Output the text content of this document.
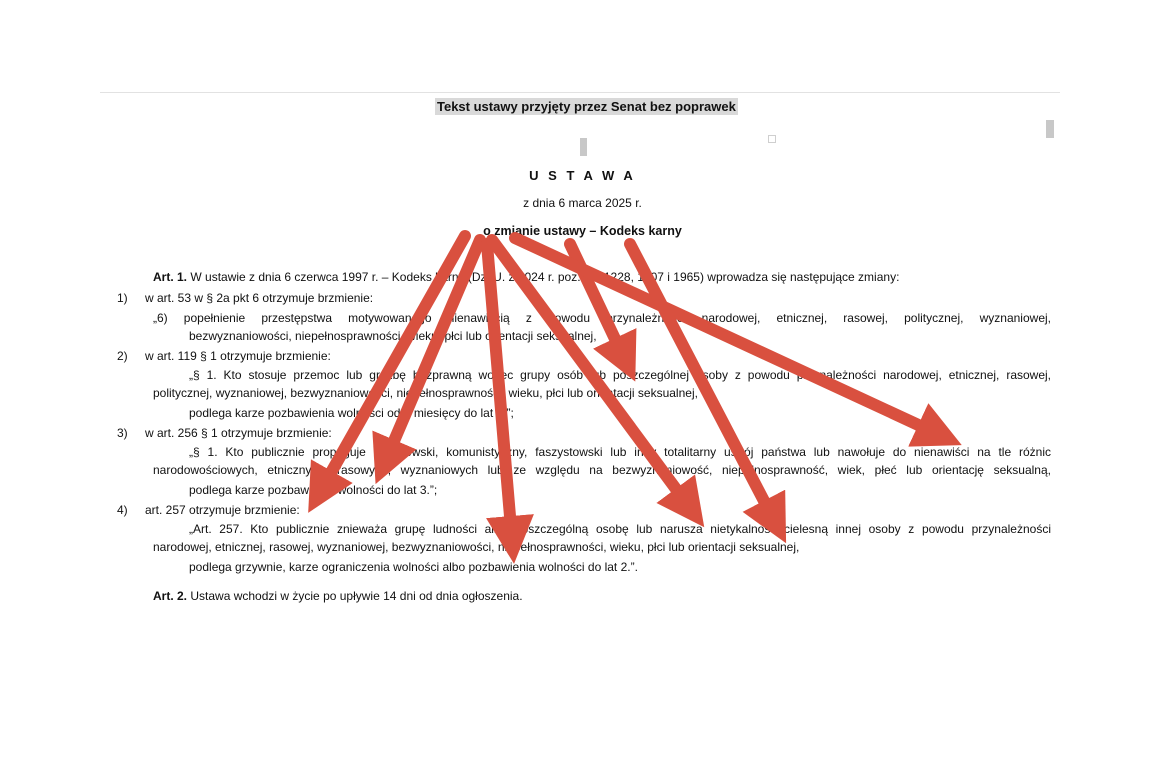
Tekst ustawy przyjęty przez Senat bez poprawek
U S T A W A
z dnia 6 marca 2025 r.
o zmianie ustawy – Kodeks karny
Art. 1. W ustawie z dnia 6 czerwca 1997 r. – Kodeks karny (Dz. U. z 2024 r. poz. 17, 1228, 1907 i 1965) wprowadza się następujące zmiany:
1) w art. 53 w § 2a pkt 6 otrzymuje brzmienie:
„6) popełnienie przestępstwa motywowanego nienawiścią z powodu przynależności narodowej, etnicznej, rasowej, politycznej, wyznaniowej,
bezwyznaniowości, niepełnosprawności, wieku, płci lub orientacji seksualnej,
2) w art. 119 § 1 otrzymuje brzmienie:
„§ 1. Kto stosuje przemoc lub groźbę bezprawną wobec grupy osób lub poszczególnej osoby z powodu przynależności narodowej, etnicznej, rasowej,
politycznej, wyznaniowej, bezwyznaniowości, niepełnosprawności, wieku, płci lub orientacji seksualnej,
podlega karze pozbawienia wolności od 3 miesięcy do lat 5.”;
3) w art. 256 § 1 otrzymuje brzmienie:
„§ 1. Kto publicznie propaguje nazistowski, komunistyczny, faszystowski lub inny totalitarny ustrój państwa lub nawołuje do nienawiści na tle różnic
narodowościowych, etnicznych, rasowych, wyznaniowych lub ze względu na bezwyznaniowość, niepełnosprawność, wiek, płeć lub orientację seksualną,
podlega karze pozbawienia wolności do lat 3.”;
4) art. 257 otrzymuje brzmienie:
„Art. 257. Kto publicznie znieważa grupę ludności albo poszczególną osobę lub narusza nietykalność cielesną innej osoby z powodu przynależności
narodowej, etnicznej, rasowej, wyznaniowej, bezwyznaniowości, niepełnosprawności, wieku, płci lub orientacji seksualnej,
podlega grzywnie, karze ograniczenia wolności albo pozbawienia wolności do lat 2.”.
Art. 2. Ustawa wchodzi w życie po upływie 14 dni od dnia ogłoszenia.
